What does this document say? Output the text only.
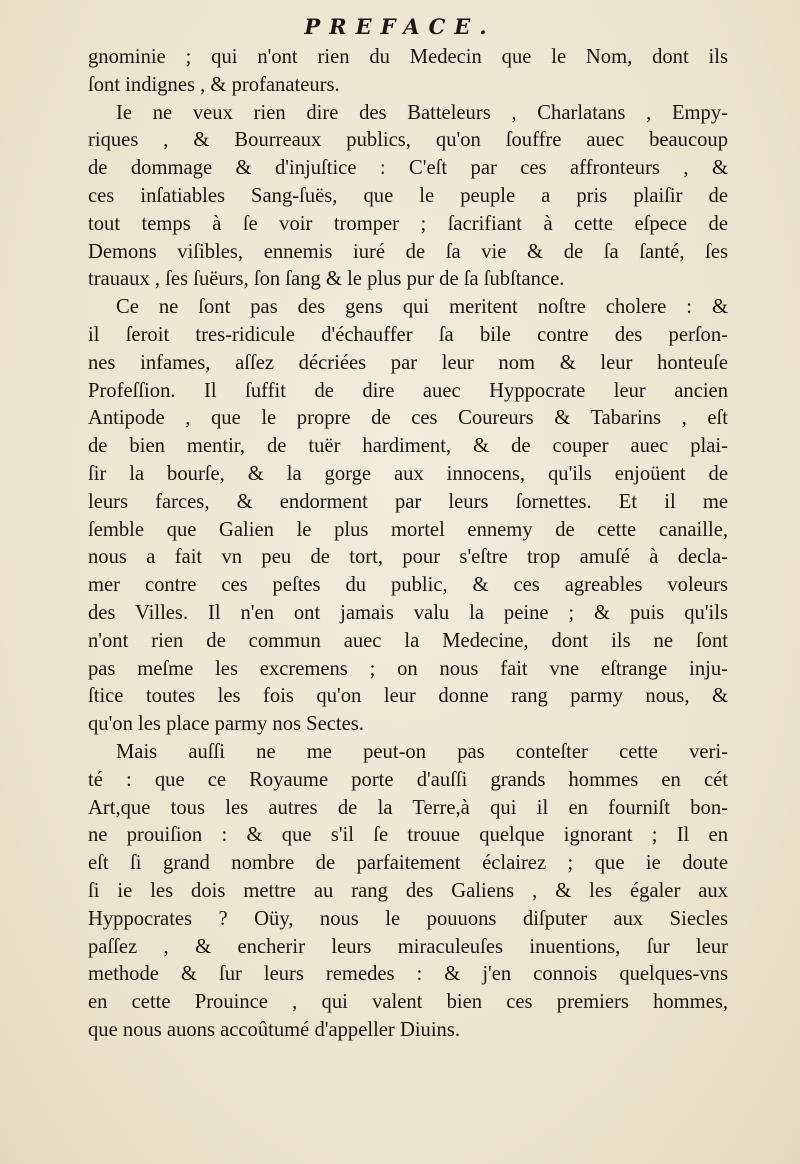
PREFACE.
gnominie ; qui n'ont rien du Medecin que le Nom, dont ils
ſont indignes , & profanateurs.
Ie ne veux rien dire des Batteleurs , Charlatans , Empy-
riques , & Bourreaux publics, qu'on ſouffre auec beaucoup
de dommage & d'injuſtice : C'eſt par ces affronteurs , &
ces inſatiables Sang-ſuës, que le peuple a pris plaiſir de
tout temps à ſe voir tromper ; ſacrifiant à cette eſpece de
Demons viſibles, ennemis iuré de ſa vie & de ſa ſanté, ſes
trauaux , ſes ſuëurs, ſon ſang & le plus pur de ſa ſubſtance.
Ce ne ſont pas des gens qui meritent noſtre cholere : &
il ſeroit tres-ridicule d'échauffer ſa bile contre des perſon-
nes infames, aſſez décriées par leur nom & leur honteuſe
Profeſſion. Il ſuffit de dire auec Hyppocrate leur ancien
Antipode , que le propre de ces Coureurs & Tabarins , eſt
de bien mentir, de tuër hardiment, & de couper auec plai-
ſir la bourſe, & la gorge aux innocens, qu'ils enjoüent de
leurs farces, & endorment par leurs ſornettes. Et il me
ſemble que Galien le plus mortel ennemy de cette canaille,
nous a fait vn peu de tort, pour s'eſtre trop amuſé à decla-
mer contre ces peſtes du public, & ces agreables voleurs
des Villes. Il n'en ont jamais valu la peine ; & puis qu'ils
n'ont rien de commun auec la Medecine, dont ils ne ſont
pas meſme les excremens ; on nous fait vne eſtrange inju-
ſtice toutes les fois qu'on leur donne rang parmy nous, &
qu'on les place parmy nos Sectes.
Mais auſſi ne me peut-on pas conteſter cette veri-
té : que ce Royaume porte d'auſſi grands hommes en cét
Art,que tous les autres de la Terre,à qui il en fourniſt bon-
ne prouiſion : & que s'il ſe trouue quelque ignorant ; Il en
eſt ſi grand nombre de parfaitement éclairez ; que ie doute
ſi ie les dois mettre au rang des Galiens , & les égaler aux
Hyppocrates ? Oüy, nous le pouuons diſputer aux Siecles
paſſez , & encherir leurs miraculeuſes inuentions, ſur leur
methode & ſur leurs remedes : & j'en connois quelques-vns
en cette Prouince , qui valent bien ces premiers hommes,
que nous auons accoûtumé d'appeller Diuins.
